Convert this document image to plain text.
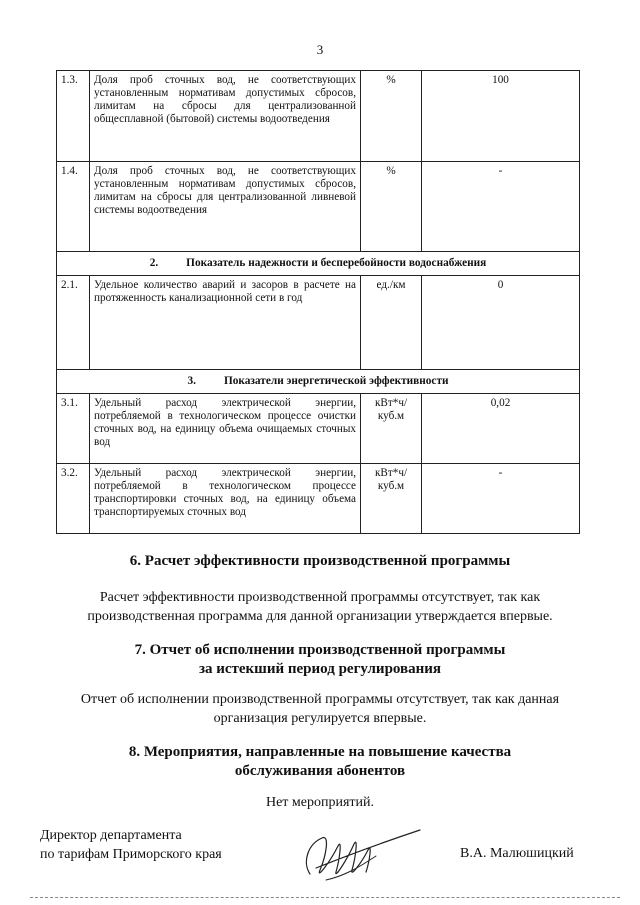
3
1.3.	Доля проб сточных вод, не соответствующих установленным нормативам допустимых сбросов, лимитам на сбросы для централизованной общесплавной (бытовой) системы водоотведения	%	100
1.4.	Доля проб сточных вод, не соответствующих установленным нормативам допустимых сбросов, лимитам на сбросы для централизованной ливневой системы водоотведения	%	-
2. Показатель надежности и бесперебойности водоснабжения			
2.1.	Удельное количество аварий и засоров в расчете на протяженность канализационной сети в год	ед./км	0
3. Показатели энергетической эффективности			
3.1.	Удельный расход электрической энергии, потребляемой в технологическом процессе очистки сточных вод, на единицу объема очищаемых сточных вод	кВт*ч/куб.м	0,02
3.2.	Удельный расход электрической энергии, потребляемой в технологическом процессе транспортировки сточных вод, на единицу объема транспортируемых сточных вод	кВт*ч/куб.м	-
6. Расчет эффективности производственной программы
Расчет эффективности производственной программы отсутствует, так как производственная программа для данной организации утверждается впервые.
7. Отчет об исполнении производственной программы
за истекший период регулирования
Отчет об исполнении производственной программы отсутствует, так как данная организация регулируется впервые.
8. Мероприятия, направленные на повышение качества
обслуживания абонентов
Нет мероприятий.
Директор департамента
по тарифам Приморского края	В.А. Малюшицкий
